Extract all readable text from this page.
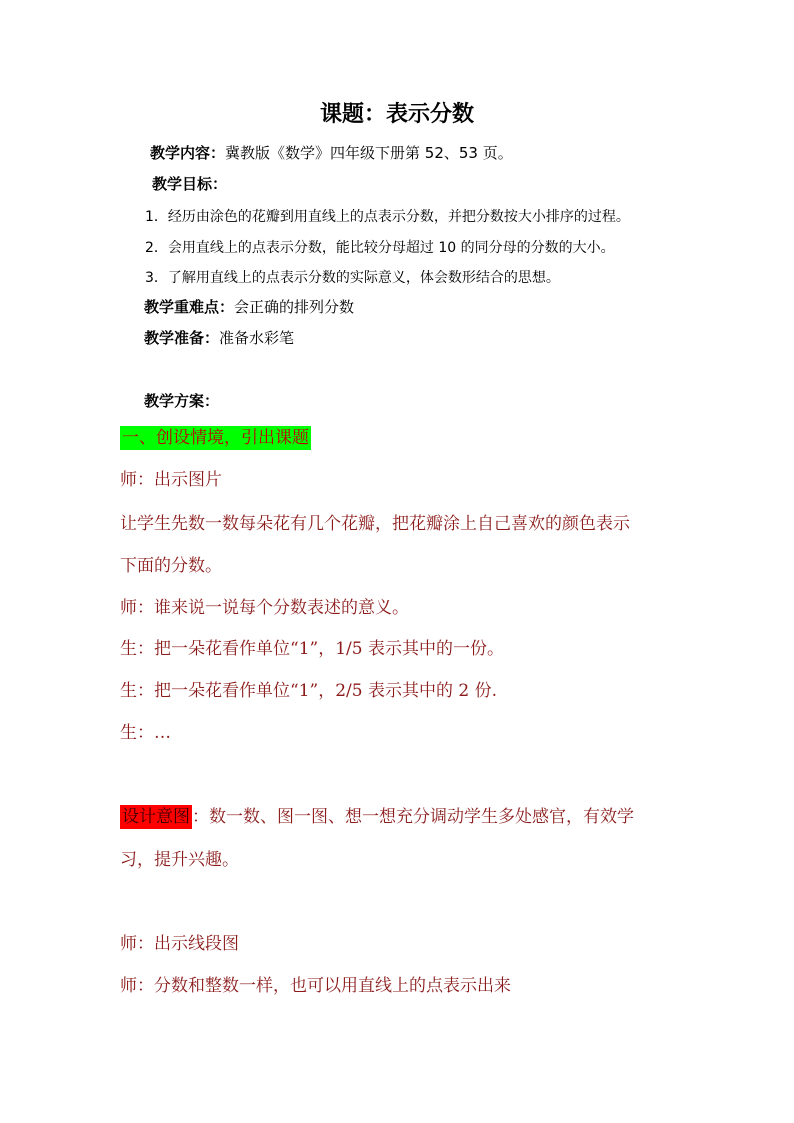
课题：表示分数
教学内容：冀教版《数学》四年级下册第 52、53 页。
教学目标：
1．经历由涂色的花瓣到用直线上的点表示分数，并把分数按大小排序的过程。
2．会用直线上的点表示分数，能比较分母超过 10 的同分母的分数的大小。
3．了解用直线上的点表示分数的实际意义，体会数形结合的思想。
教学重难点：会正确的排列分数
教学准备：准备水彩笔
教学方案：
一、创设情境，引出课题
师：出示图片
让学生先数一数每朵花有几个花瓣，把花瓣涂上自己喜欢的颜色表示
下面的分数。
师：谁来说一说每个分数表述的意义。
生：把一朵花看作单位“1”，1/5 表示其中的一份。
生：把一朵花看作单位“1”，2/5 表示其中的 2 份.
生：…
设计意图 ：数一数、图一图、想一想充分调动学生多处感官，有效学
习，提升兴趣。
师：出示线段图
师：分数和整数一样，也可以用直线上的点表示出来
